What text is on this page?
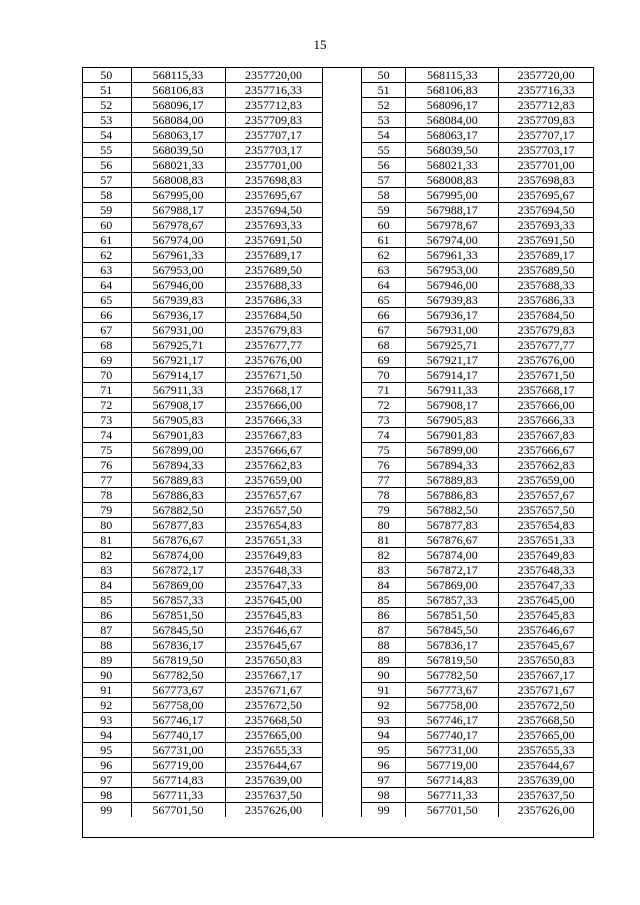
15
50	568115,33	2357720,00
51	568106,83	2357716,33
52	568096,17	2357712,83
53	568084,00	2357709,83
54	568063,17	2357707,17
55	568039,50	2357703,17
56	568021,33	2357701,00
57	568008,83	2357698,83
58	567995,00	2357695,67
59	567988,17	2357694,50
60	567978,67	2357693,33
61	567974,00	2357691,50
62	567961,33	2357689,17
63	567953,00	2357689,50
64	567946,00	2357688,33
65	567939,83	2357686,33
66	567936,17	2357684,50
67	567931,00	2357679,83
68	567925,71	2357677,77
69	567921,17	2357676,00
70	567914,17	2357671,50
71	567911,33	2357668,17
72	567908,17	2357666,00
73	567905,83	2357666,33
74	567901,83	2357667,83
75	567899,00	2357666,67
76	567894,33	2357662,83
77	567889,83	2357659,00
78	567886,83	2357657,67
79	567882,50	2357657,50
80	567877,83	2357654,83
81	567876,67	2357651,33
82	567874,00	2357649,83
83	567872,17	2357648,33
84	567869,00	2357647,33
85	567857,33	2357645,00
86	567851,50	2357645,83
87	567845,50	2357646,67
88	567836,17	2357645,67
89	567819,50	2357650,83
90	567782,50	2357667,17
91	567773,67	2357671,67
92	567758,00	2357672,50
93	567746,17	2357668,50
94	567740,17	2357665,00
95	567731,00	2357655,33
96	567719,00	2357644,67
97	567714,83	2357639,00
98	567711,33	2357637,50
99	567701,50	2357626,00
50	568115,33	2357720,00
51	568106,83	2357716,33
52	568096,17	2357712,83
53	568084,00	2357709,83
54	568063,17	2357707,17
55	568039,50	2357703,17
56	568021,33	2357701,00
57	568008,83	2357698,83
58	567995,00	2357695,67
59	567988,17	2357694,50
60	567978,67	2357693,33
61	567974,00	2357691,50
62	567961,33	2357689,17
63	567953,00	2357689,50
64	567946,00	2357688,33
65	567939,83	2357686,33
66	567936,17	2357684,50
67	567931,00	2357679,83
68	567925,71	2357677,77
69	567921,17	2357676,00
70	567914,17	2357671,50
71	567911,33	2357668,17
72	567908,17	2357666,00
73	567905,83	2357666,33
74	567901,83	2357667,83
75	567899,00	2357666,67
76	567894,33	2357662,83
77	567889,83	2357659,00
78	567886,83	2357657,67
79	567882,50	2357657,50
80	567877,83	2357654,83
81	567876,67	2357651,33
82	567874,00	2357649,83
83	567872,17	2357648,33
84	567869,00	2357647,33
85	567857,33	2357645,00
86	567851,50	2357645,83
87	567845,50	2357646,67
88	567836,17	2357645,67
89	567819,50	2357650,83
90	567782,50	2357667,17
91	567773,67	2357671,67
92	567758,00	2357672,50
93	567746,17	2357668,50
94	567740,17	2357665,00
95	567731,00	2357655,33
96	567719,00	2357644,67
97	567714,83	2357639,00
98	567711,33	2357637,50
99	567701,50	2357626,00
